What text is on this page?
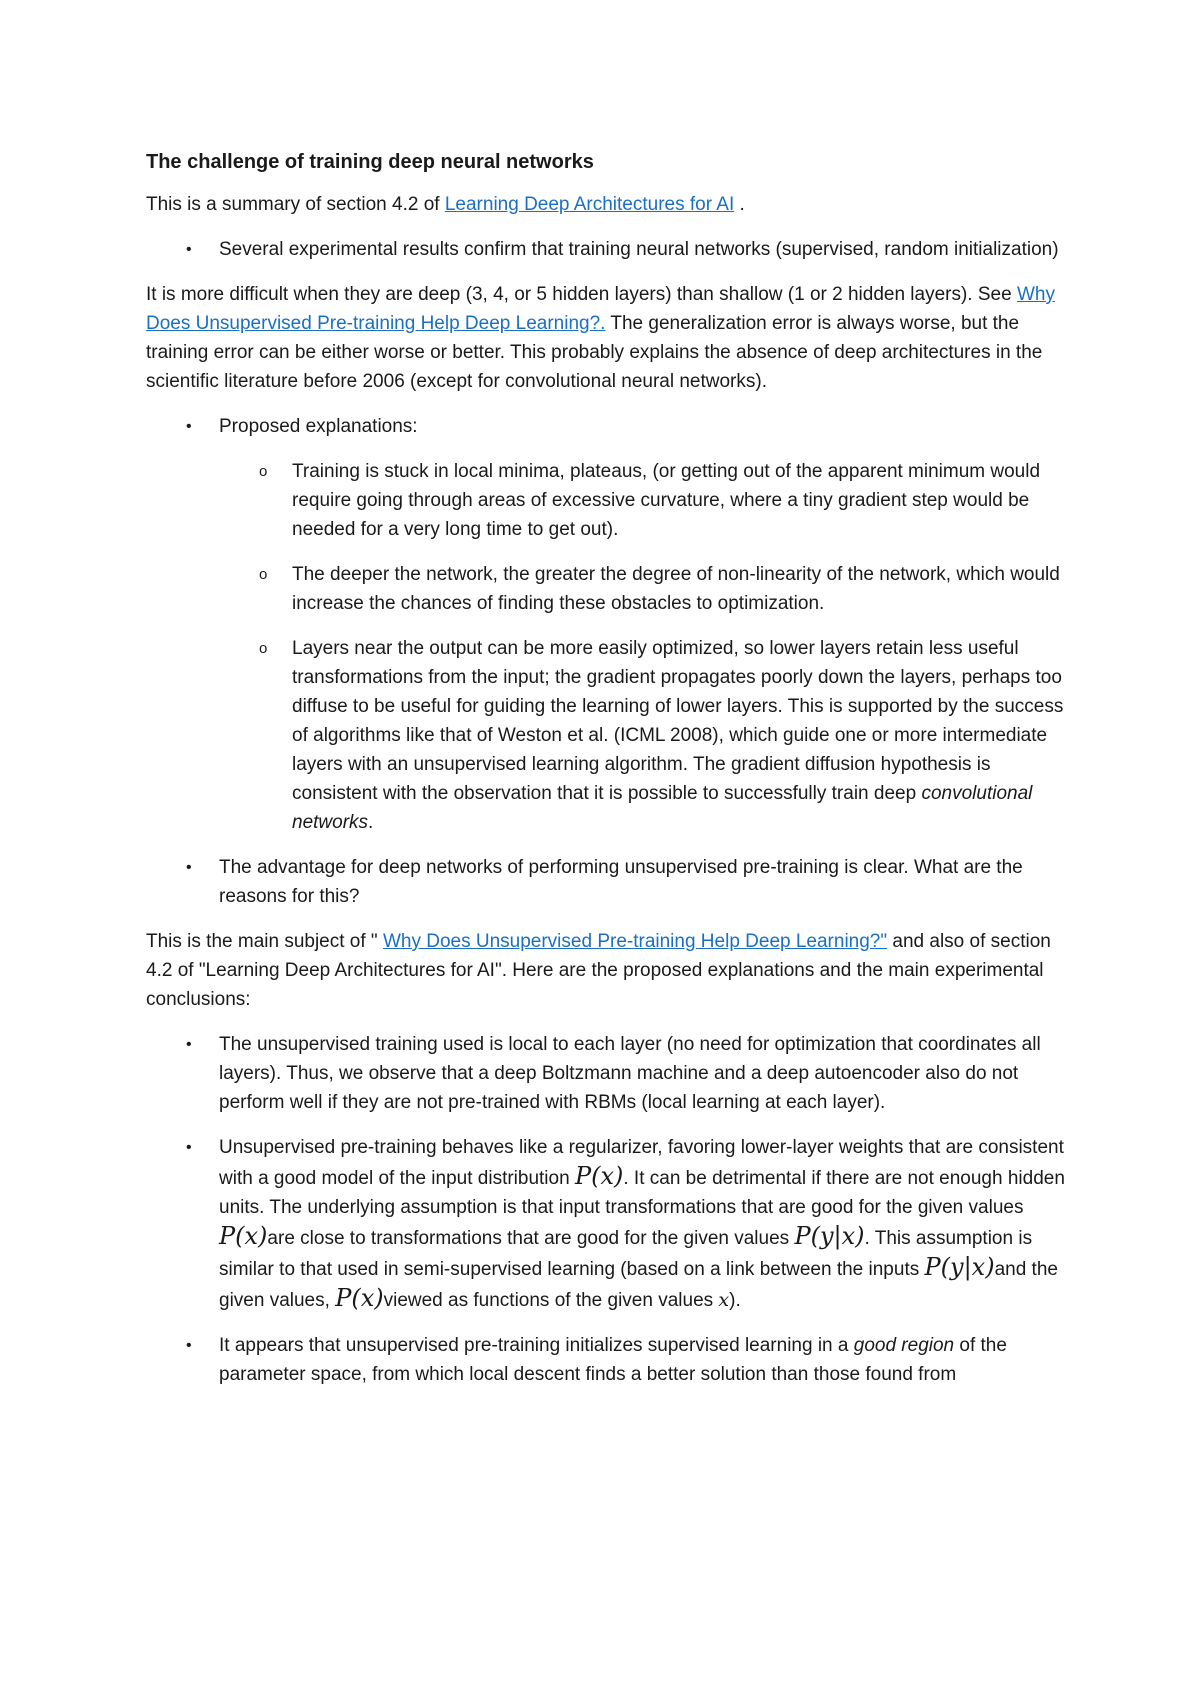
The challenge of training deep neural networks

This is a summary of section 4.2 of Learning Deep Architectures for AI .

• Several experimental results confirm that training neural networks (supervised, random initialization)

It is more difficult when they are deep (3, 4, or 5 hidden layers) than shallow (1 or 2 hidden layers). See Why Does Unsupervised Pre-training Help Deep Learning?. The generalization error is always worse, but the training error can be either worse or better. This probably explains the absence of deep architectures in the scientific literature before 2006 (except for convolutional neural networks).

• Proposed explanations:
o Training is stuck in local minima, plateaus, (or getting out of the apparent minimum would require going through areas of excessive curvature, where a tiny gradient step would be needed for a very long time to get out).
o The deeper the network, the greater the degree of non-linearity of the network, which would increase the chances of finding these obstacles to optimization.
o Layers near the output can be more easily optimized, so lower layers retain less useful transformations from the input; the gradient propagates poorly down the layers, perhaps too diffuse to be useful for guiding the learning of lower layers. This is supported by the success of algorithms like that of Weston et al. (ICML 2008), which guide one or more intermediate layers with an unsupervised learning algorithm. The gradient diffusion hypothesis is consistent with the observation that it is possible to successfully train deep convolutional networks.
• The advantage for deep networks of performing unsupervised pre-training is clear. What are the reasons for this?

This is the main subject of " Why Does Unsupervised Pre-training Help Deep Learning?" and also of section 4.2 of "Learning Deep Architectures for AI". Here are the proposed explanations and the main experimental conclusions:

• The unsupervised training used is local to each layer (no need for optimization that coordinates all layers). Thus, we observe that a deep Boltzmann machine and a deep autoencoder also do not perform well if they are not pre-trained with RBMs (local learning at each layer).
• Unsupervised pre-training behaves like a regularizer, favoring lower-layer weights that are consistent with a good model of the input distribution P(x). It can be detrimental if there are not enough hidden units. The underlying assumption is that input transformations that are good for the given values P(x)are close to transformations that are good for the given values P(y|x). This assumption is similar to that used in semi-supervised learning (based on a link between the inputs P(y|x)and the given values, P(x)viewed as functions of the given values x).
• It appears that unsupervised pre-training initializes supervised learning in a good region of the parameter space, from which local descent finds a better solution than those found from
